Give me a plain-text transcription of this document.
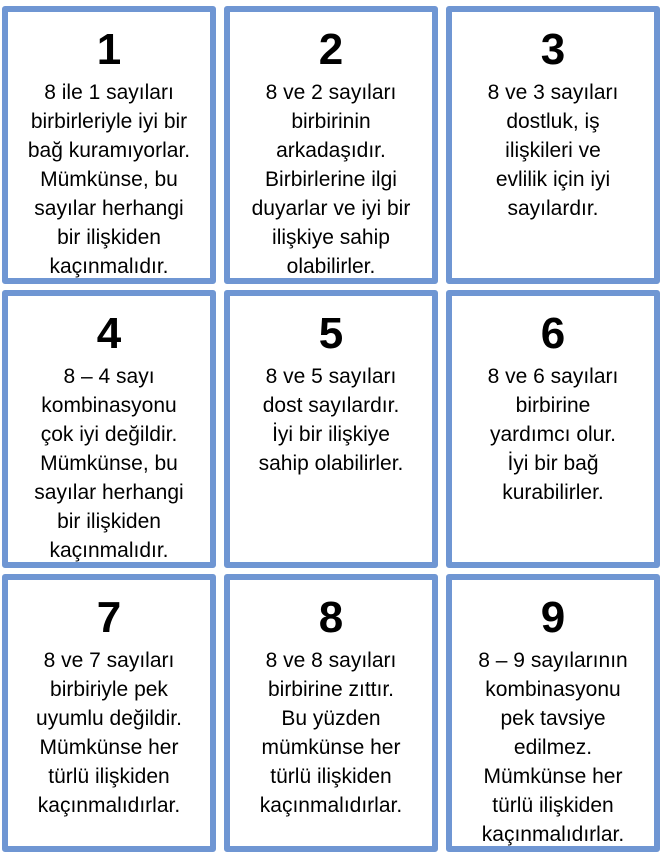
1
8 ile 1 sayıları
birbirleriyle iyi bir
bağ kuramıyorlar.
Mümkünse, bu
sayılar herhangi
bir ilişkiden
kaçınmalıdır.
2
8 ve 2 sayıları
birbirinin
arkadaşıdır.
Birbirlerine ilgi
duyarlar ve iyi bir
ilişkiye sahip
olabilirler.
3
8 ve 3 sayıları
dostluk, iş
ilişkileri ve
evlilik için iyi
sayılardır.
4
8 – 4 sayı
kombinasyonu
çok iyi değildir.
Mümkünse, bu
sayılar herhangi
bir ilişkiden
kaçınmalıdır.
5
8 ve 5 sayıları
dost sayılardır.
İyi bir ilişkiye
sahip olabilirler.
6
8 ve 6 sayıları
birbirine
yardımcı olur.
İyi bir bağ
kurabilirler.
7
8 ve 7 sayıları
birbiriyle pek
uyumlu değildir.
Mümkünse her
türlü ilişkiden
kaçınmalıdırlar.
8
8 ve 8 sayıları
birbirine zıttır.
Bu yüzden
mümkünse her
türlü ilişkiden
kaçınmalıdırlar.
9
8 – 9 sayılarının
kombinasyonu
pek tavsiye
edilmez.
Mümkünse her
türlü ilişkiden
kaçınmalıdırlar.
